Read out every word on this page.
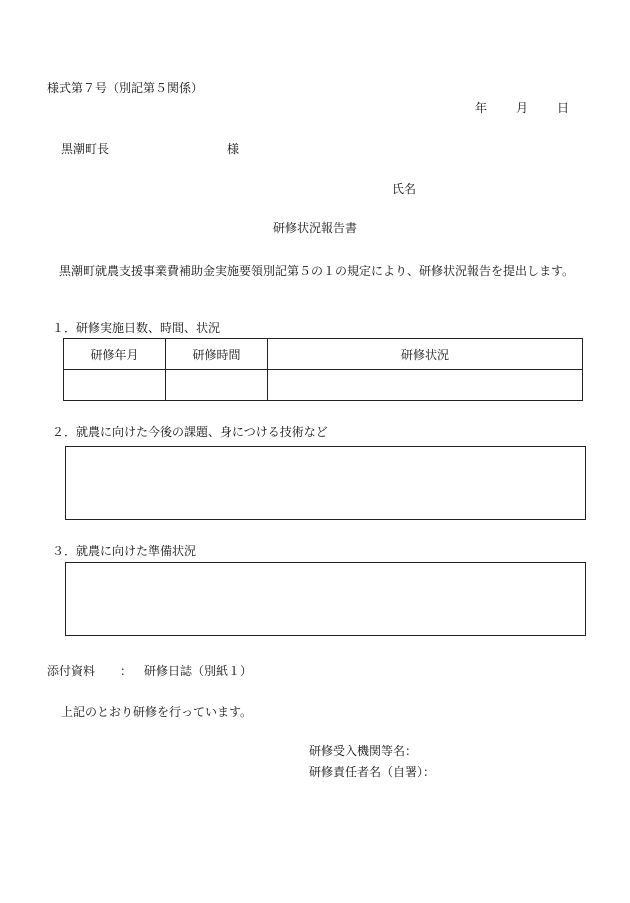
様式第７号（別記第５関係）
年 月 日
黒潮町長	様
氏名
研修状況報告書
黒潮町就農支援事業費補助金実施要領別記第５の１の規定により、研修状況報告を提出します。
１．研修実施日数、時間、状況
研修年月	研修時間	研修状況

２．就農に向けた今後の課題、身につける技術など
３．就農に向けた準備状況
添付資料 ： 研修日誌（別紙１）
上記のとおり研修を行っています。
研修受入機関等名：
研修責任者名（自署）：
